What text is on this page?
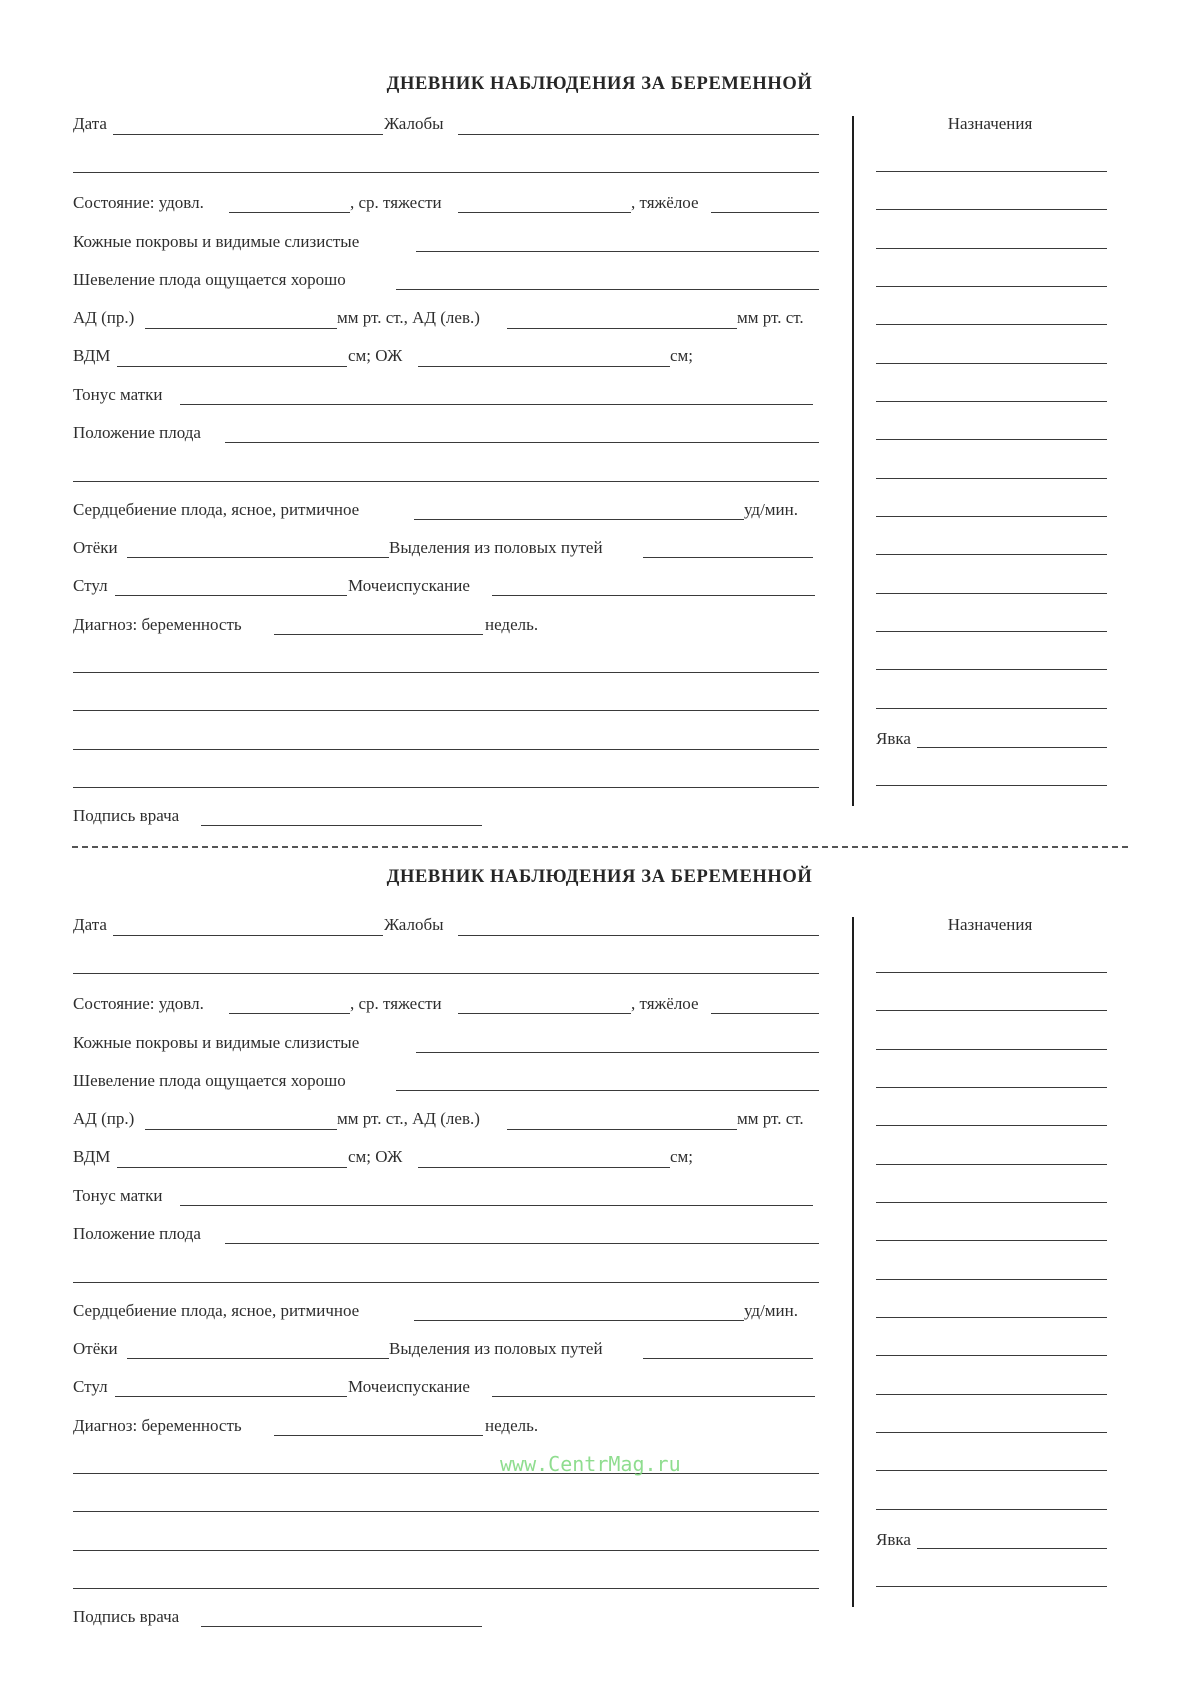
ДНЕВНИК НАБЛЮДЕНИЯ ЗА БЕРЕМЕННОЙ
Дата	Жалобы
Состояние: удовл.	, ср. тяжести	, тяжёлое
Кожные покровы и видимые слизистые
Шевеление плода ощущается хорошо
АД (пр.)	мм рт. ст., АД (лев.)	мм рт. ст.
ВДМ	см; ОЖ	см;
Тонус матки
Положение плода
Сердцебиение плода, ясное, ритмичное	уд/мин.
Отёки	Выделения из половых путей
Стул	Мочеиспускание
Диагноз: беременность	недель.
Подпись врача
Назначения
Явка
ДНЕВНИК НАБЛЮДЕНИЯ ЗА БЕРЕМЕННОЙ
Дата	Жалобы
Состояние: удовл.	, ср. тяжести	, тяжёлое
Кожные покровы и видимые слизистые
Шевеление плода ощущается хорошо
АД (пр.)	мм рт. ст., АД (лев.)	мм рт. ст.
ВДМ	см; ОЖ	см;
Тонус матки
Положение плода
Сердцебиение плода, ясное, ритмичное	уд/мин.
Отёки	Выделения из половых путей
Стул	Мочеиспускание
Диагноз: беременность	недель.
Подпись врача
Назначения
Явка
www.CentrMag.ru
